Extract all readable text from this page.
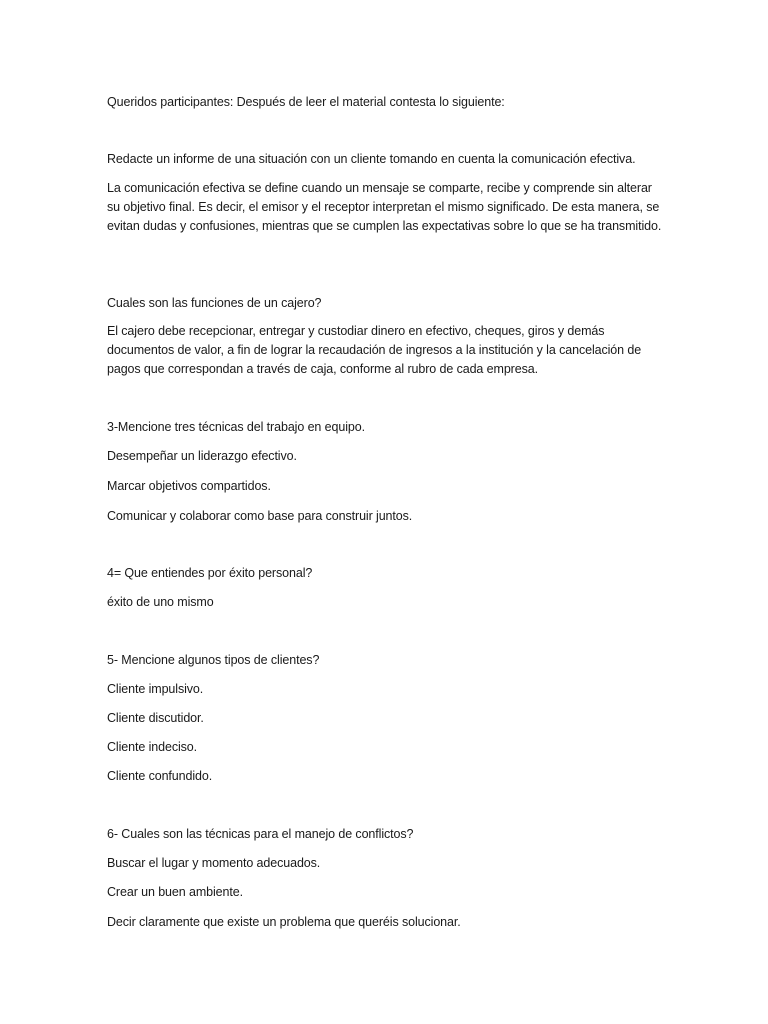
Queridos participantes: Después de leer el material contesta lo siguiente:
Redacte un informe de una situación con un cliente tomando en cuenta la comunicación efectiva.
La comunicación efectiva se define cuando un mensaje se comparte, recibe y comprende sin alterar su objetivo final. Es decir, el emisor y el receptor interpretan el mismo significado. De esta manera, se evitan dudas y confusiones, mientras que se cumplen las expectativas sobre lo que se ha transmitido.
Cuales son las funciones de un cajero?
El cajero debe recepcionar, entregar y custodiar dinero en efectivo, cheques, giros y demás documentos de valor, a fin de lograr la recaudación de ingresos a la institución y la cancelación de pagos que correspondan a través de caja, conforme al rubro de cada empresa.
3-Mencione tres técnicas del trabajo en equipo.
Desempeñar un liderazgo efectivo.
Marcar objetivos compartidos.
Comunicar y colaborar como base para construir juntos.
4= Que entiendes por éxito personal?
éxito de uno mismo
5- Mencione algunos tipos de clientes?
Cliente impulsivo.
Cliente discutidor.
Cliente indeciso.
Cliente confundido.
6- Cuales son las técnicas para el manejo de conflictos?
Buscar el lugar y momento adecuados.
Crear un buen ambiente.
Decir claramente que existe un problema que queréis solucionar.
